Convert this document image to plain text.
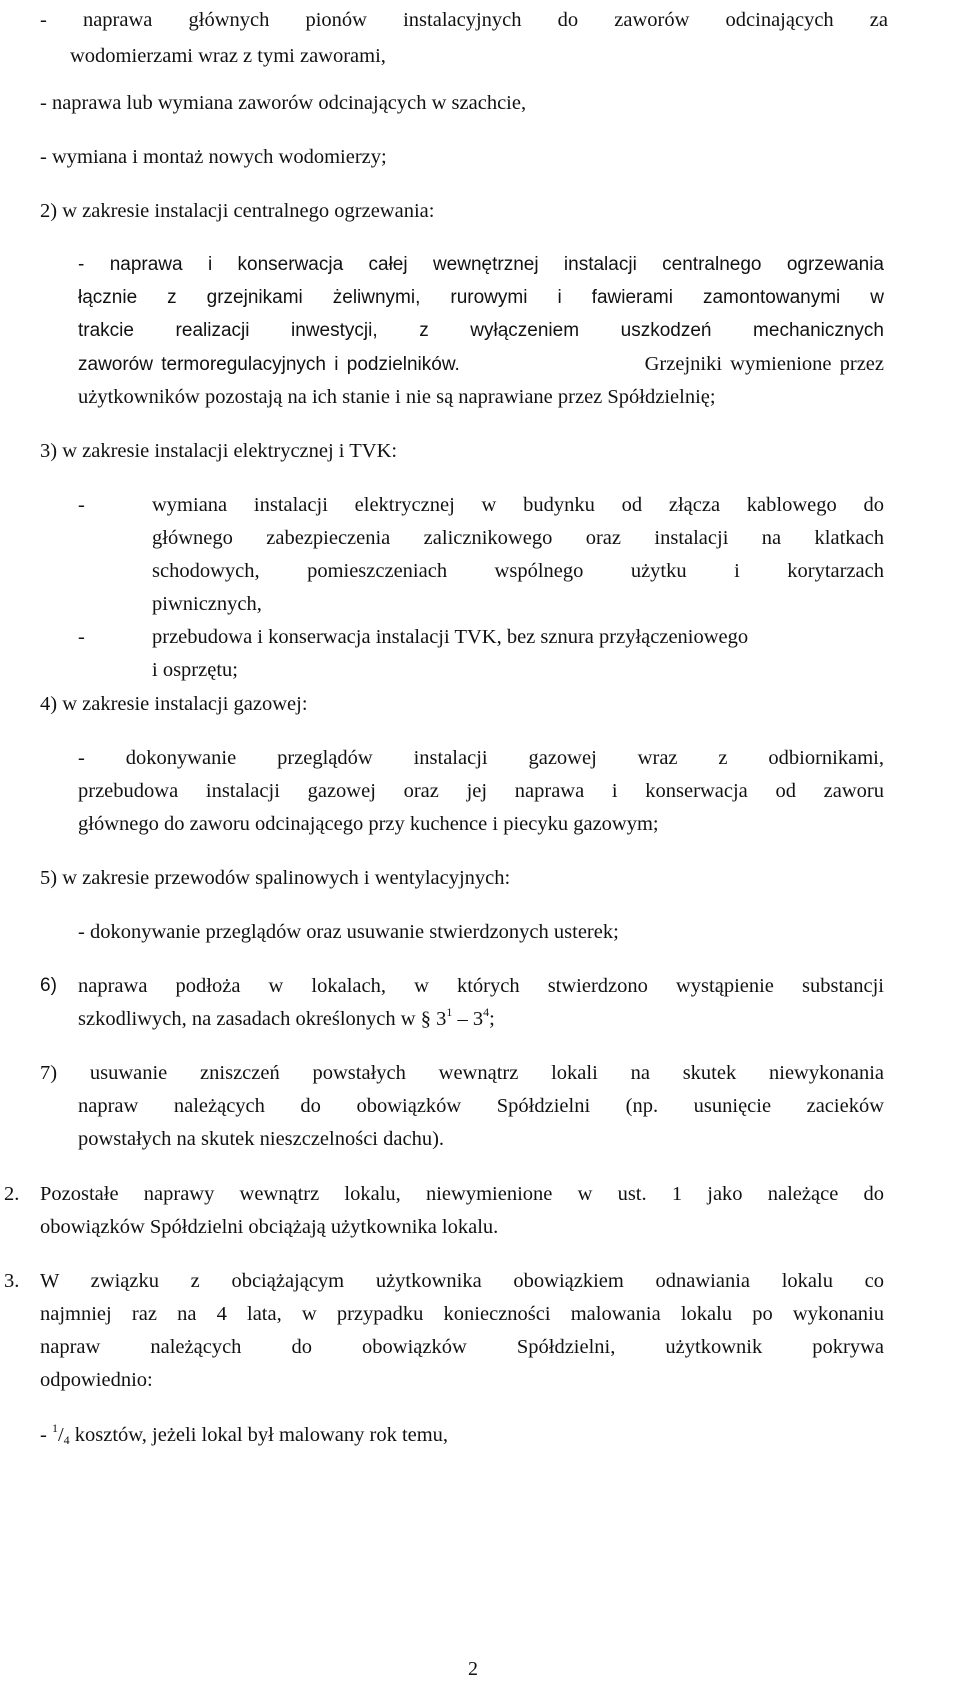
- naprawa głównych pionów instalacyjnych do zaworów odcinających za
wodomierzami wraz z tymi zaworami,
- naprawa lub wymiana zaworów odcinających w szachcie,
- wymiana i montaż nowych wodomierzy;
2) w zakresie instalacji centralnego ogrzewania:
- naprawa i konserwacja całej wewnętrznej instalacji centralnego ogrzewania
łącznie z grzejnikami żeliwnymi, rurowymi i fawierami zamontowanymi w
trakcie realizacji inwestycji, z wyłączeniem uszkodzeń mechanicznych
zaworów termoregulacyjnych i podzielników.	Grzejniki wymienione przez
użytkowników pozostają na ich stanie i nie są naprawiane przez Spółdzielnię;
3) w zakresie instalacji elektrycznej i TVK:
-	wymiana instalacji elektrycznej w budynku od złącza kablowego do
głównego zabezpieczenia zalicznikowego oraz instalacji na klatkach
schodowych, pomieszczeniach wspólnego użytku i korytarzach
piwnicznych,
-	przebudowa i konserwacja instalacji TVK, bez sznura przyłączeniowego
i osprzętu;
4) w zakresie instalacji gazowej:
- dokonywanie przeglądów instalacji gazowej wraz z odbiornikami,
przebudowa instalacji gazowej oraz jej naprawa i konserwacja od zaworu
głównego do zaworu odcinającego przy kuchence i piecyku gazowym;
5) w zakresie przewodów spalinowych i wentylacyjnych:
- dokonywanie przeglądów oraz usuwanie stwierdzonych usterek;
6) naprawa podłoża w lokalach, w których stwierdzono wystąpienie substancji
szkodliwych, na zasadach określonych w § $3^1 - 3^4$;
7) usuwanie zniszczeń powstałych wewnątrz lokali na skutek niewykonania
napraw należących do obowiązków Spółdzielni (np. usunięcie zacieków
powstałych na skutek nieszczelności dachu).
2. Pozostałe naprawy wewnątrz lokalu, niewymienione w ust. 1 jako należące do
obowiązków Spółdzielni obciążają użytkownika lokalu.
3. W związku z obciążającym użytkownika obowiązkiem odnawiania lokalu co
najmniej raz na 4 lata, w przypadku konieczności malowania lokalu po wykonaniu
napraw należących do obowiązków Spółdzielni, użytkownik pokrywa
odpowiednio:
- $^1/_4$ kosztów, jeżeli lokal był malowany rok temu,
2
